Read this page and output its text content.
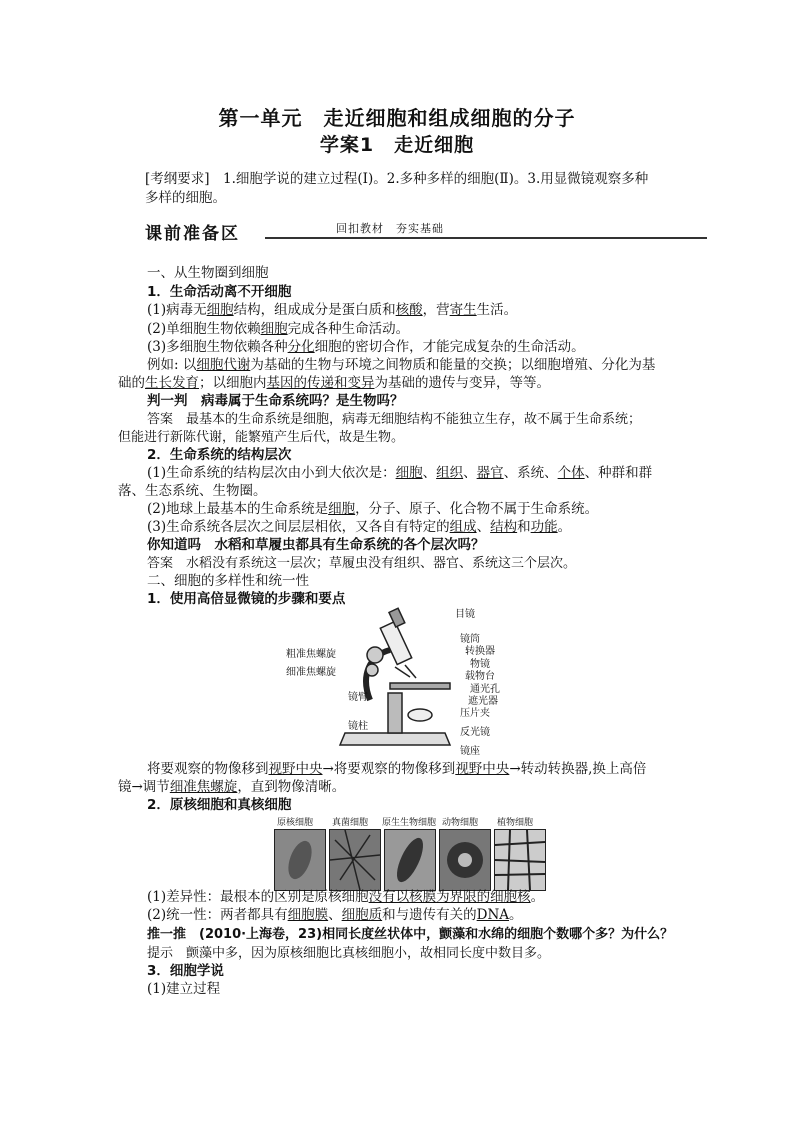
第一单元　走近细胞和组成细胞的分子
学案1　走近细胞
[考纲要求]　1.细胞学说的建立过程(Ⅰ)。2.多种多样的细胞(Ⅱ)。3.用显微镜观察多种
多样的细胞。
课前准备区	回扣教材　夯实基础
一、从生物圈到细胞
1．生命活动离不开细胞
(1)病毒无细胞结构，组成成分是蛋白质和核酸，营寄生生活。
(2)单细胞生物依赖细胞完成各种生命活动。
(3)多细胞生物依赖各种分化细胞的密切合作，才能完成复杂的生命活动。
例如: 以细胞代谢为基础的生物与环境之间物质和能量的交换；以细胞增殖、分化为基
础的生长发育；以细胞内基因的传递和变异为基础的遗传与变异，等等。
判一判　病毒属于生命系统吗？是生物吗？
答案　最基本的生命系统是细胞，病毒无细胞结构不能独立生存，故不属于生命系统；
但能进行新陈代谢，能繁殖产生后代，故是生物。
2．生命系统的结构层次
(1)生命系统的结构层次由小到大依次是：细胞、组织、器官、系统、个体、种群和群
落、生态系统、生物圈。
(2)地球上最基本的生命系统是细胞，分子、原子、化合物不属于生命系统。
(3)生命系统各层次之间层层相依，又各自有特定的组成、结构和功能。
你知道吗　水稻和草履虫都具有生命系统的各个层次吗？
答案　水稻没有系统这一层次；草履虫没有组织、器官、系统这三个层次。
二、细胞的多样性和统一性
1．使用高倍显微镜的步骤和要点
目镜
镜筒
转换器
物镜
载物台
通光孔
遮光器
压片夹
反光镜
镜座
粗准焦螺旋
细准焦螺旋
镜臂
镜柱
将要观察的物像移到视野中央→将要观察的物像移到视野中央→转动转换器,换上高倍
镜→调节细准焦螺旋，直到物像清晰。
2．原核细胞和真核细胞
原核细胞 真菌细胞 原生生物细胞 动物细胞 植物细胞
(1)差异性：最根本的区别是原核细胞没有以核膜为界限的细胞核。
(2)统一性：两者都具有细胞膜、细胞质和与遗传有关的DNA。
推一推　(2010·上海卷，23)相同长度丝状体中，颤藻和水绵的细胞个数哪个多？为什么？
提示　颤藻中多，因为原核细胞比真核细胞小，故相同长度中数目多。
3．细胞学说
(1)建立过程
